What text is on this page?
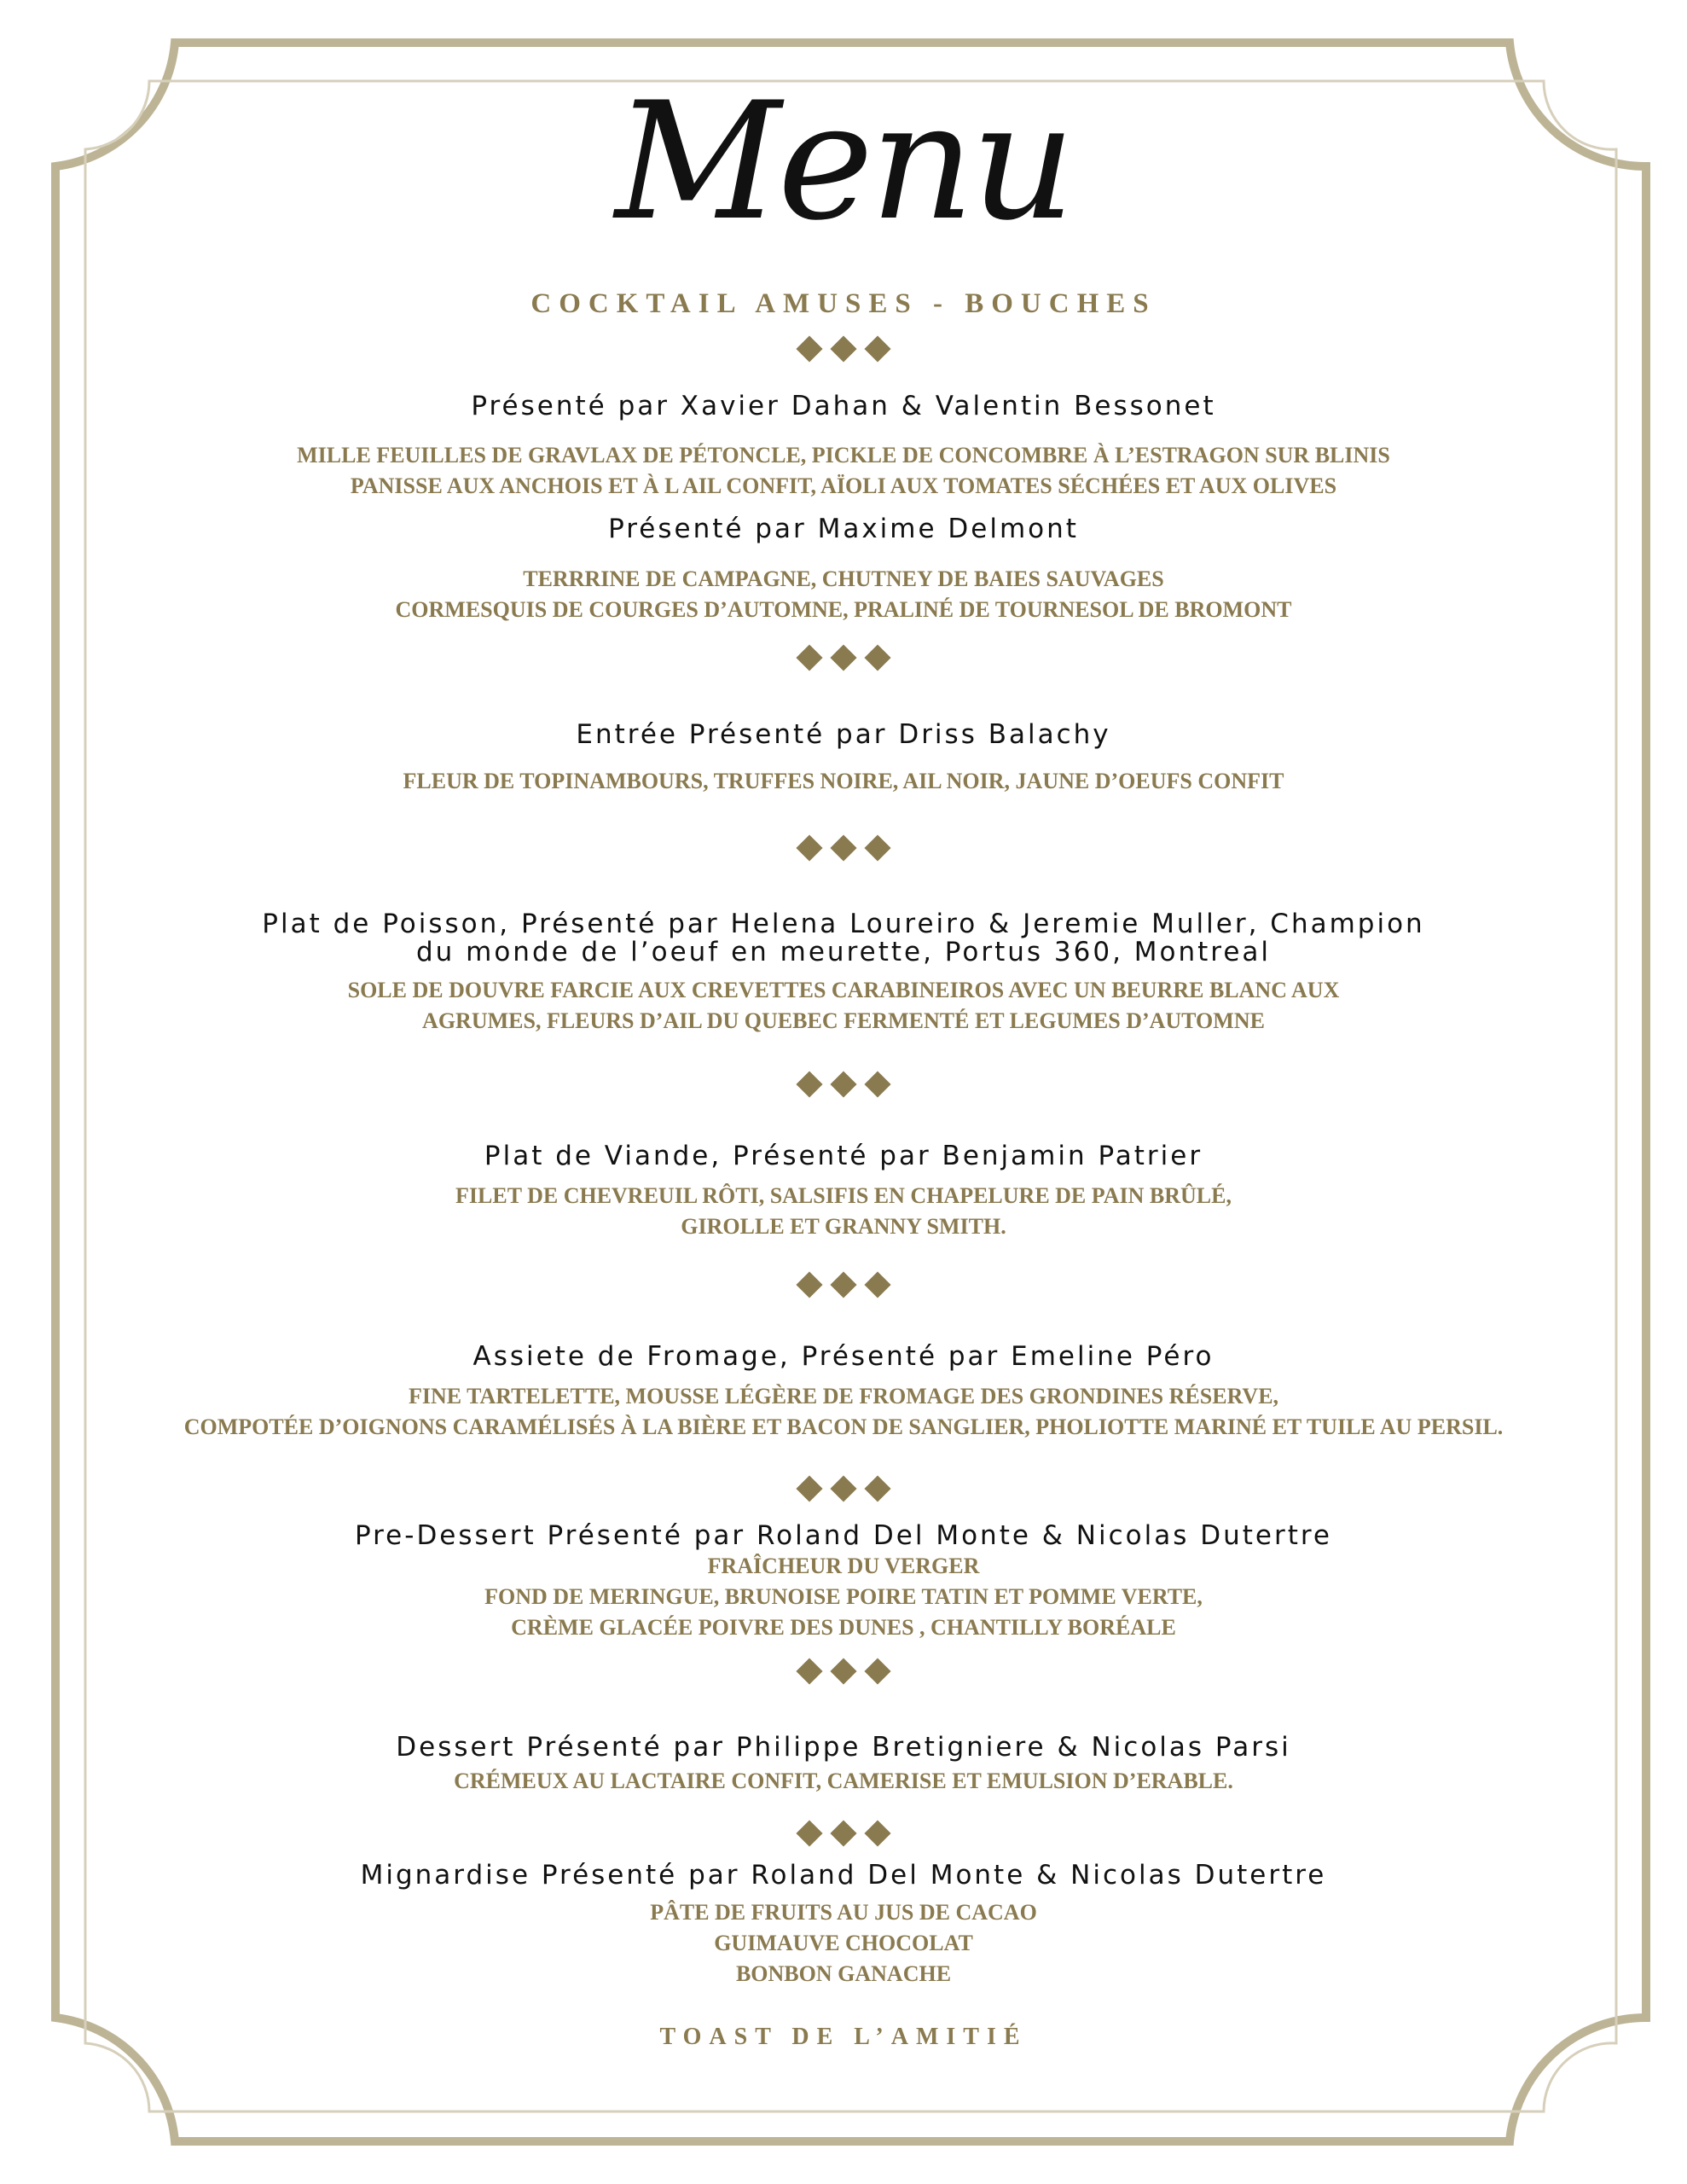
Menu
COCKTAIL AMUSES - BOUCHES
Présenté par Xavier Dahan & Valentin Bessonet
MILLE FEUILLES DE GRAVLAX DE PÉTONCLE, PICKLE DE CONCOMBRE À L’ESTRAGON SUR BLINIS
PANISSE AUX ANCHOIS ET À L AIL CONFIT, AÏOLI AUX TOMATES SÉCHÉES ET AUX OLIVES
Présenté par Maxime Delmont
TERRRINE DE CAMPAGNE, CHUTNEY DE BAIES SAUVAGES
CORMESQUIS DE COURGES D’AUTOMNE, PRALINÉ DE TOURNESOL DE BROMONT
Entrée Présenté par Driss Balachy
FLEUR DE TOPINAMBOURS, TRUFFES NOIRE, AIL NOIR, JAUNE D’OEUFS CONFIT
Plat de Poisson, Présenté par Helena Loureiro & Jeremie Muller, Champion
du monde de l’oeuf en meurette, Portus 360, Montreal
SOLE DE DOUVRE FARCIE AUX CREVETTES CARABINEIROS AVEC UN BEURRE BLANC AUX
AGRUMES, FLEURS D’AIL DU QUEBEC FERMENTÉ ET LEGUMES D’AUTOMNE
Plat de Viande, Présenté par Benjamin Patrier
FILET DE CHEVREUIL RÔTI, SALSIFIS EN CHAPELURE DE PAIN BRÛLÉ,
GIROLLE ET GRANNY SMITH.
Assiete de Fromage, Présenté par Emeline Péro
FINE TARTELETTE, MOUSSE LÉGÈRE DE FROMAGE DES GRONDINES RÉSERVE,
COMPOTÉE D’OIGNONS CARAMÉLISÉS À LA BIÈRE ET BACON DE SANGLIER, PHOLIOTTE MARINÉ ET TUILE AU PERSIL.
Pre-Dessert Présenté par Roland Del Monte & Nicolas Dutertre
FRAÎCHEUR DU VERGER
FOND DE MERINGUE, BRUNOISE POIRE TATIN ET POMME VERTE,
CRÈME GLACÉE POIVRE DES DUNES , CHANTILLY BORÉALE
Dessert Présenté par Philippe Bretigniere & Nicolas Parsi
CRÉMEUX AU LACTAIRE CONFIT, CAMERISE ET EMULSION D’ERABLE.
Mignardise Présenté par Roland Del Monte & Nicolas Dutertre
PÂTE DE FRUITS AU JUS DE CACAO
GUIMAUVE CHOCOLAT
BONBON GANACHE
TOAST DE L’AMITIÉ
